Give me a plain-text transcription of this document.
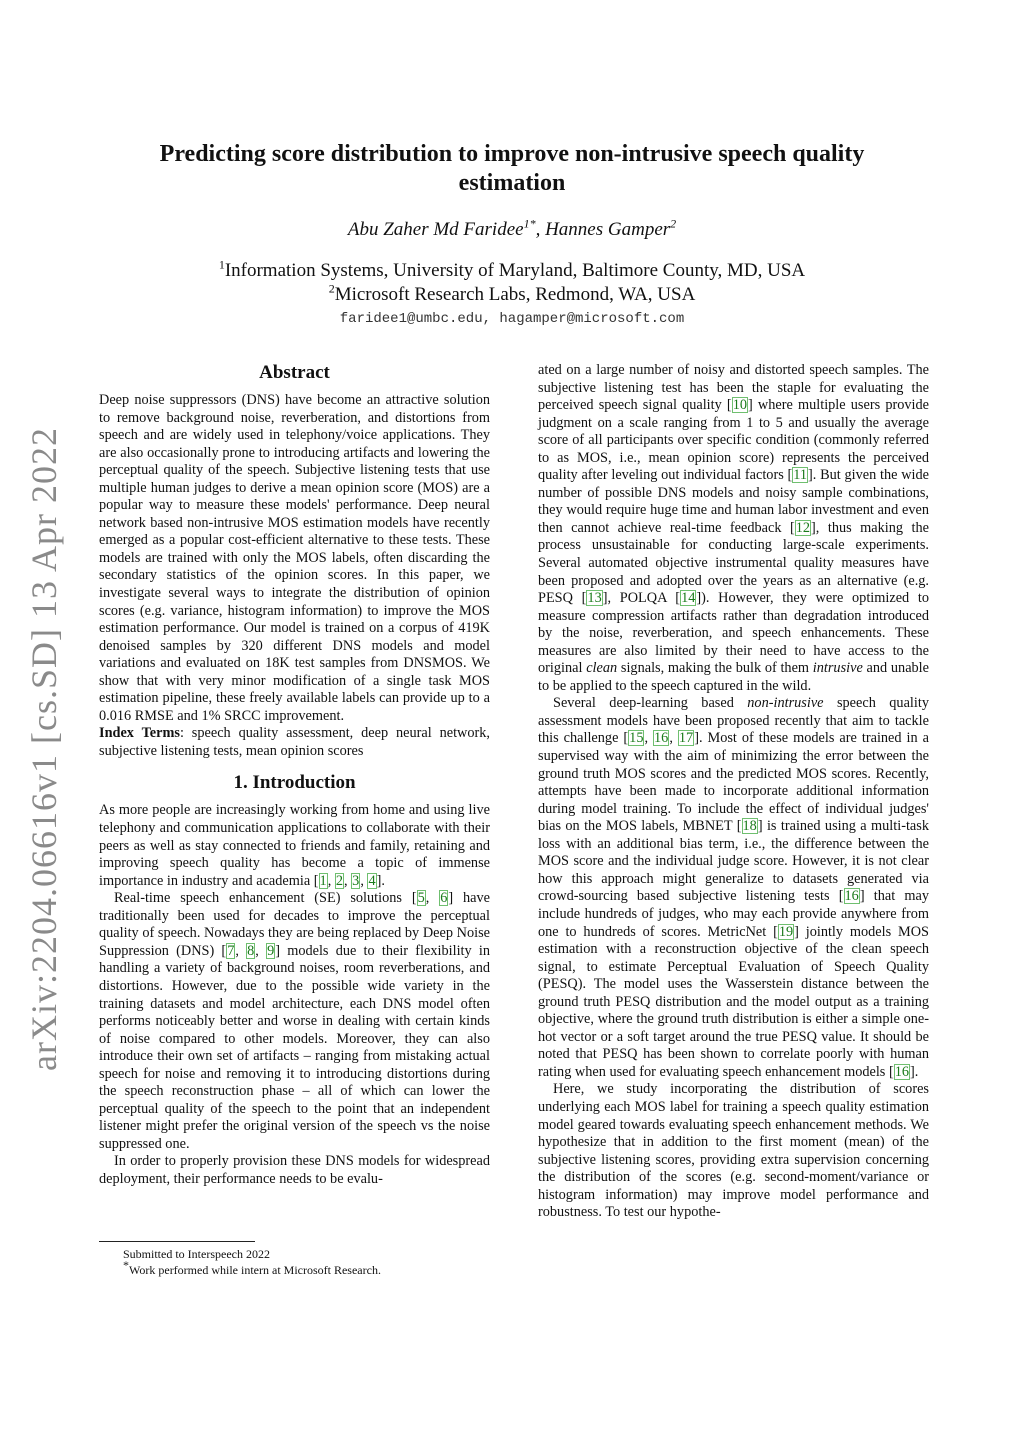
arXiv:2204.06616v1 [cs.SD] 13 Apr 2022
Predicting score distribution to improve non-intrusive speech quality
estimation
Abu Zaher Md Faridee$^{1*}$, Hannes Gamper$^2$
$^1$Information Systems, University of Maryland, Baltimore County, MD, USA
$^2$Microsoft Research Labs, Redmond, WA, USA
faridee1@umbc.edu, hagamper@microsoft.com
Abstract

Deep noise suppressors (DNS) have become an attractive solution to remove background noise, reverberation, and distortions from speech and are widely used in telephony/voice applications. They are also occasionally prone to introducing artifacts and lowering the perceptual quality of the speech. Subjective listening tests that use multiple human judges to derive a mean opinion score (MOS) are a popular way to measure these models' performance. Deep neural network based non-intrusive MOS estimation models have recently emerged as a popular cost-efficient alternative to these tests. These models are trained with only the MOS labels, often discarding the secondary statistics of the opinion scores. In this paper, we investigate several ways to integrate the distribution of opinion scores (e.g. variance, histogram information) to improve the MOS estimation performance. Our model is trained on a corpus of 419K denoised samples by 320 different DNS models and model variations and evaluated on 18K test samples from DNSMOS. We show that with very minor modification of a single task MOS estimation pipeline, these freely available labels can provide up to a 0.016 RMSE and 1% SRCC improvement.

Index Terms: speech quality assessment, deep neural network, subjective listening tests, mean opinion scores

1. Introduction

As more people are increasingly working from home and using live telephony and communication applications to collaborate with their peers as well as stay connected to friends and family, retaining and improving speech quality has become a topic of immense importance in industry and academia [1, 2, 3, 4].

Real-time speech enhancement (SE) solutions [5, 6] have traditionally been used for decades to improve the perceptual quality of speech. Nowadays they are being replaced by Deep Noise Suppression (DNS) [7, 8, 9] models due to their flexibility in handling a variety of background noises, room reverberations, and distortions. However, due to the possible wide variety in the training datasets and model architecture, each DNS model often performs noticeably better and worse in dealing with certain kinds of noise compared to other models. Moreover, they can also introduce their own set of artifacts – ranging from mistaking actual speech for noise and removing it to introducing distortions during the speech reconstruction phase – all of which can lower the perceptual quality of the speech to the point that an independent listener might prefer the original version of the speech vs the noise suppressed one.

In order to properly provision these DNS models for widespread deployment, their performance needs to be evalu-

ated on a large number of noisy and distorted speech samples. The subjective listening test has been the staple for evaluating the perceived speech signal quality [10] where multiple users provide judgment on a scale ranging from 1 to 5 and usually the average score of all participants over specific condition (commonly referred to as MOS, i.e., mean opinion score) represents the perceived quality after leveling out individual factors [11]. But given the wide number of possible DNS models and noisy sample combinations, they would require huge time and human labor investment and even then cannot achieve real-time feedback [12], thus making the process unsustainable for conducting large-scale experiments. Several automated objective instrumental quality measures have been proposed and adopted over the years as an alternative (e.g. PESQ [13], POLQA [14]). However, they were optimized to measure compression artifacts rather than degradation introduced by the noise, reverberation, and speech enhancements. These measures are also limited by their need to have access to the original clean signals, making the bulk of them intrusive and unable to be applied to the speech captured in the wild.

Several deep-learning based non-intrusive speech quality assessment models have been proposed recently that aim to tackle this challenge [15, 16, 17]. Most of these models are trained in a supervised way with the aim of minimizing the error between the ground truth MOS scores and the predicted MOS scores. Recently, attempts have been made to incorporate additional information during model training. To include the effect of individual judges' bias on the MOS labels, MBNET [18] is trained using a multi-task loss with an additional bias term, i.e., the difference between the MOS score and the individual judge score. However, it is not clear how this approach might generalize to datasets generated via crowd-sourcing based subjective listening tests [16] that may include hundreds of judges, who may each provide anywhere from one to hundreds of scores. MetricNet [19] jointly models MOS estimation with a reconstruction objective of the clean speech signal, to estimate Perceptual Evaluation of Speech Quality (PESQ). The model uses the Wasserstein distance between the ground truth PESQ distribution and the model output as a training objective, where the ground truth distribution is either a simple one-hot vector or a soft target around the true PESQ value. It should be noted that PESQ has been shown to correlate poorly with human rating when used for evaluating speech enhancement models [16].

Here, we study incorporating the distribution of scores underlying each MOS label for training a speech quality estimation model geared towards evaluating speech enhancement methods. We hypothesize that in addition to the first moment (mean) of the subjective listening scores, providing extra supervision concerning the distribution of the scores (e.g. second-moment/variance or histogram information) may improve model performance and robustness. To test our hypothe-

Submitted to Interspeech 2022
*Work performed while intern at Microsoft Research.
